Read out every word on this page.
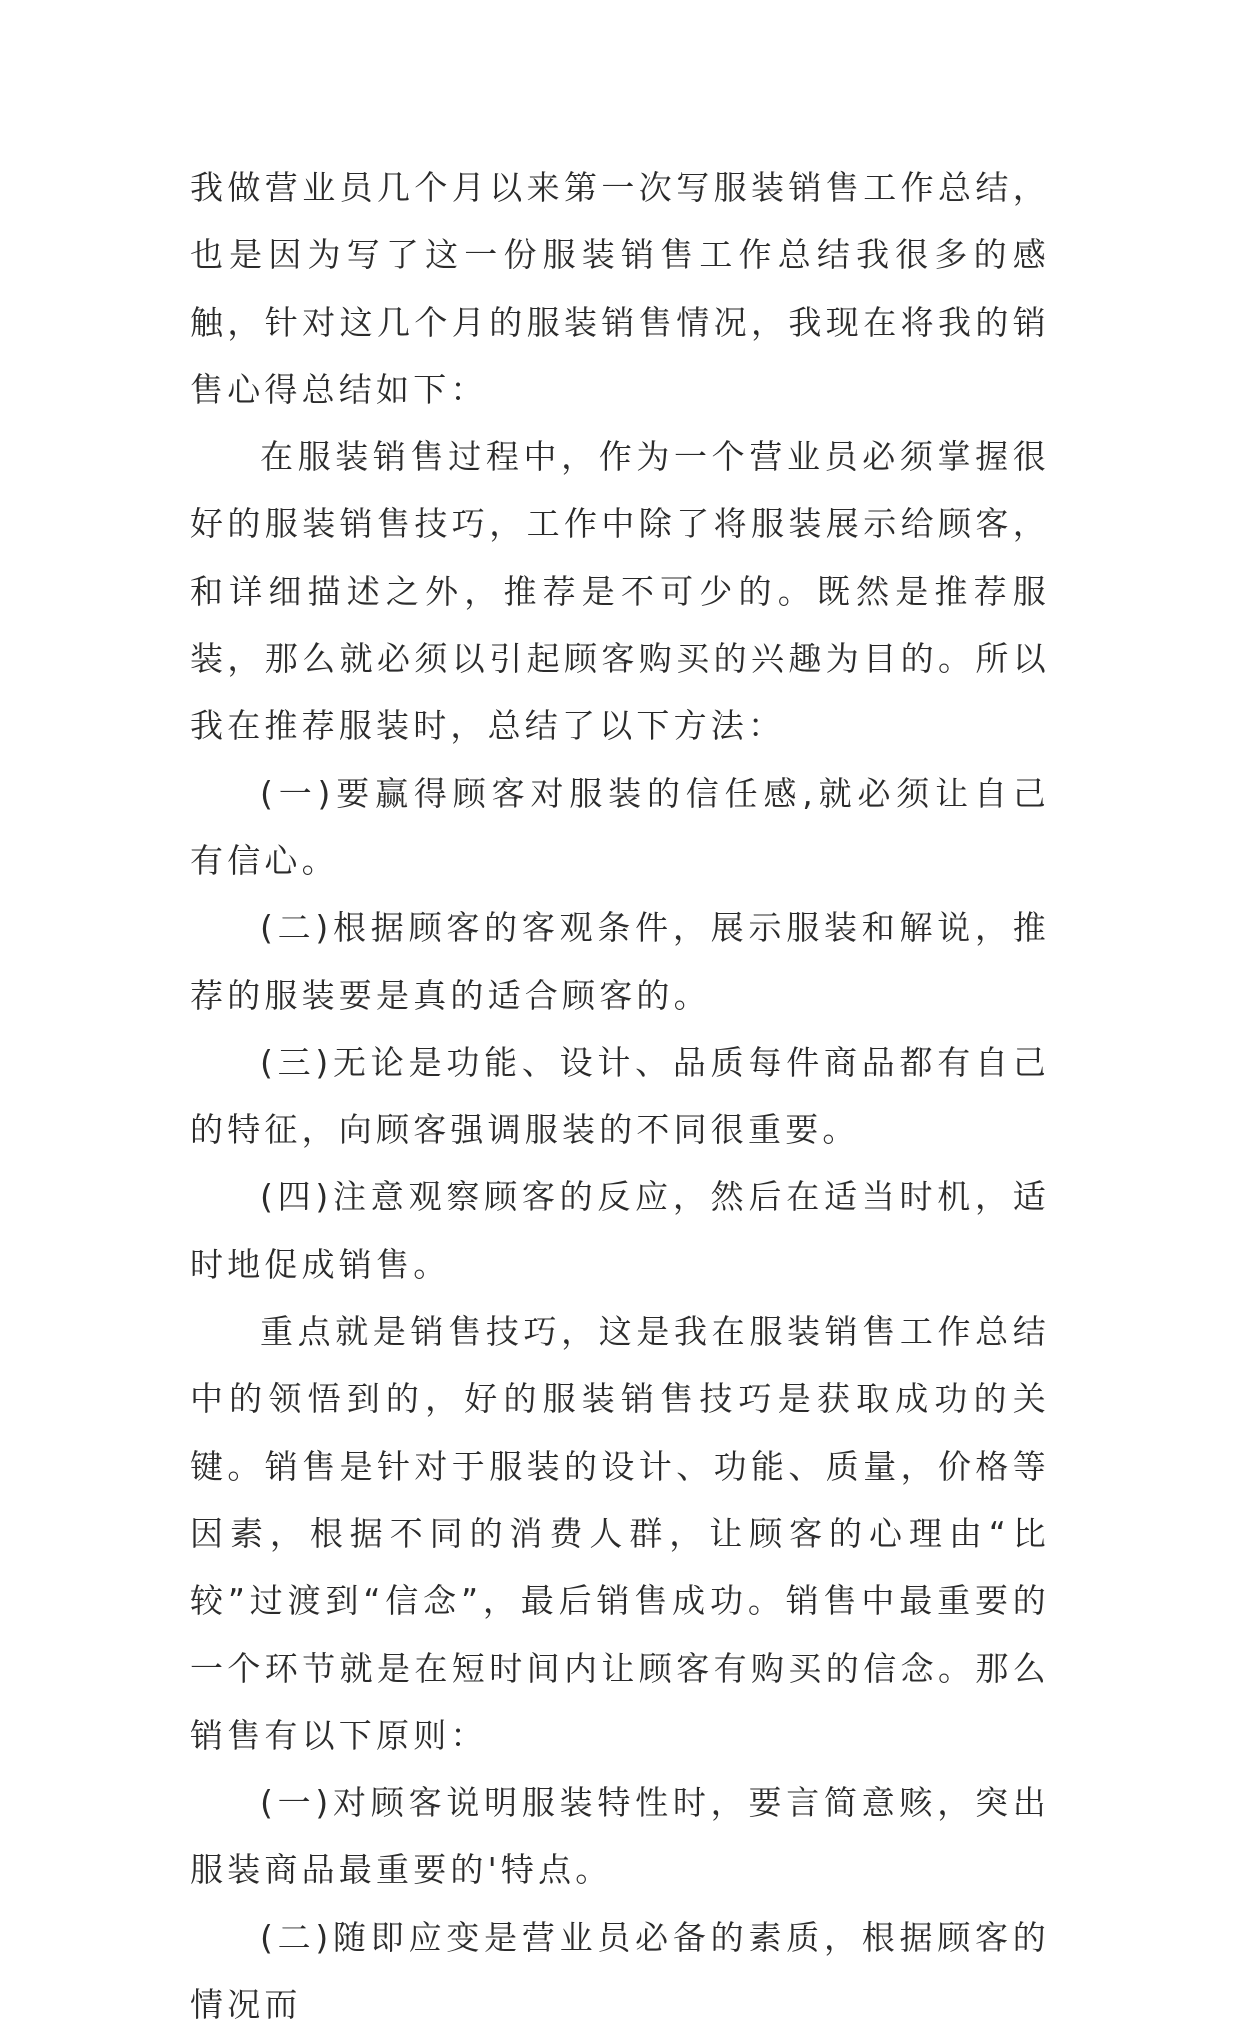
我做营业员几个月以来第一次写服装销售工作总结，也是因为写了这一份服装销售工作总结我很多的感触，针对这几个月的服装销售情况，我现在将我的销售心得总结如下：

在服装销售过程中，作为一个营业员必须掌握很好的服装销售技巧，工作中除了将服装展示给顾客，和详细描述之外，推荐是不可少的。既然是推荐服装，那么就必须以引起顾客购买的兴趣为目的。所以我在推荐服装时，总结了以下方法：

(一)要赢得顾客对服装的信任感,就必须让自己有信心。

(二)根据顾客的客观条件，展示服装和解说，推荐的服装要是真的适合顾客的。

(三)无论是功能、设计、品质每件商品都有自己的特征，向顾客强调服装的不同很重要。

(四)注意观察顾客的反应，然后在适当时机，适时地促成销售。

重点就是销售技巧，这是我在服装销售工作总结中的领悟到的，好的服装销售技巧是获取成功的关键。销售是针对于服装的设计、功能、质量，价格等因素，根据不同的消费人群，让顾客的心理由“比较”过渡到“信念”，最后销售成功。销售中最重要的一个环节就是在短时间内让顾客有购买的信念。那么销售有以下原则：

(一)对顾客说明服装特性时，要言简意赅，突出服装商品最重要的'特点。

(二)随即应变是营业员必备的素质，根据顾客的情况而
